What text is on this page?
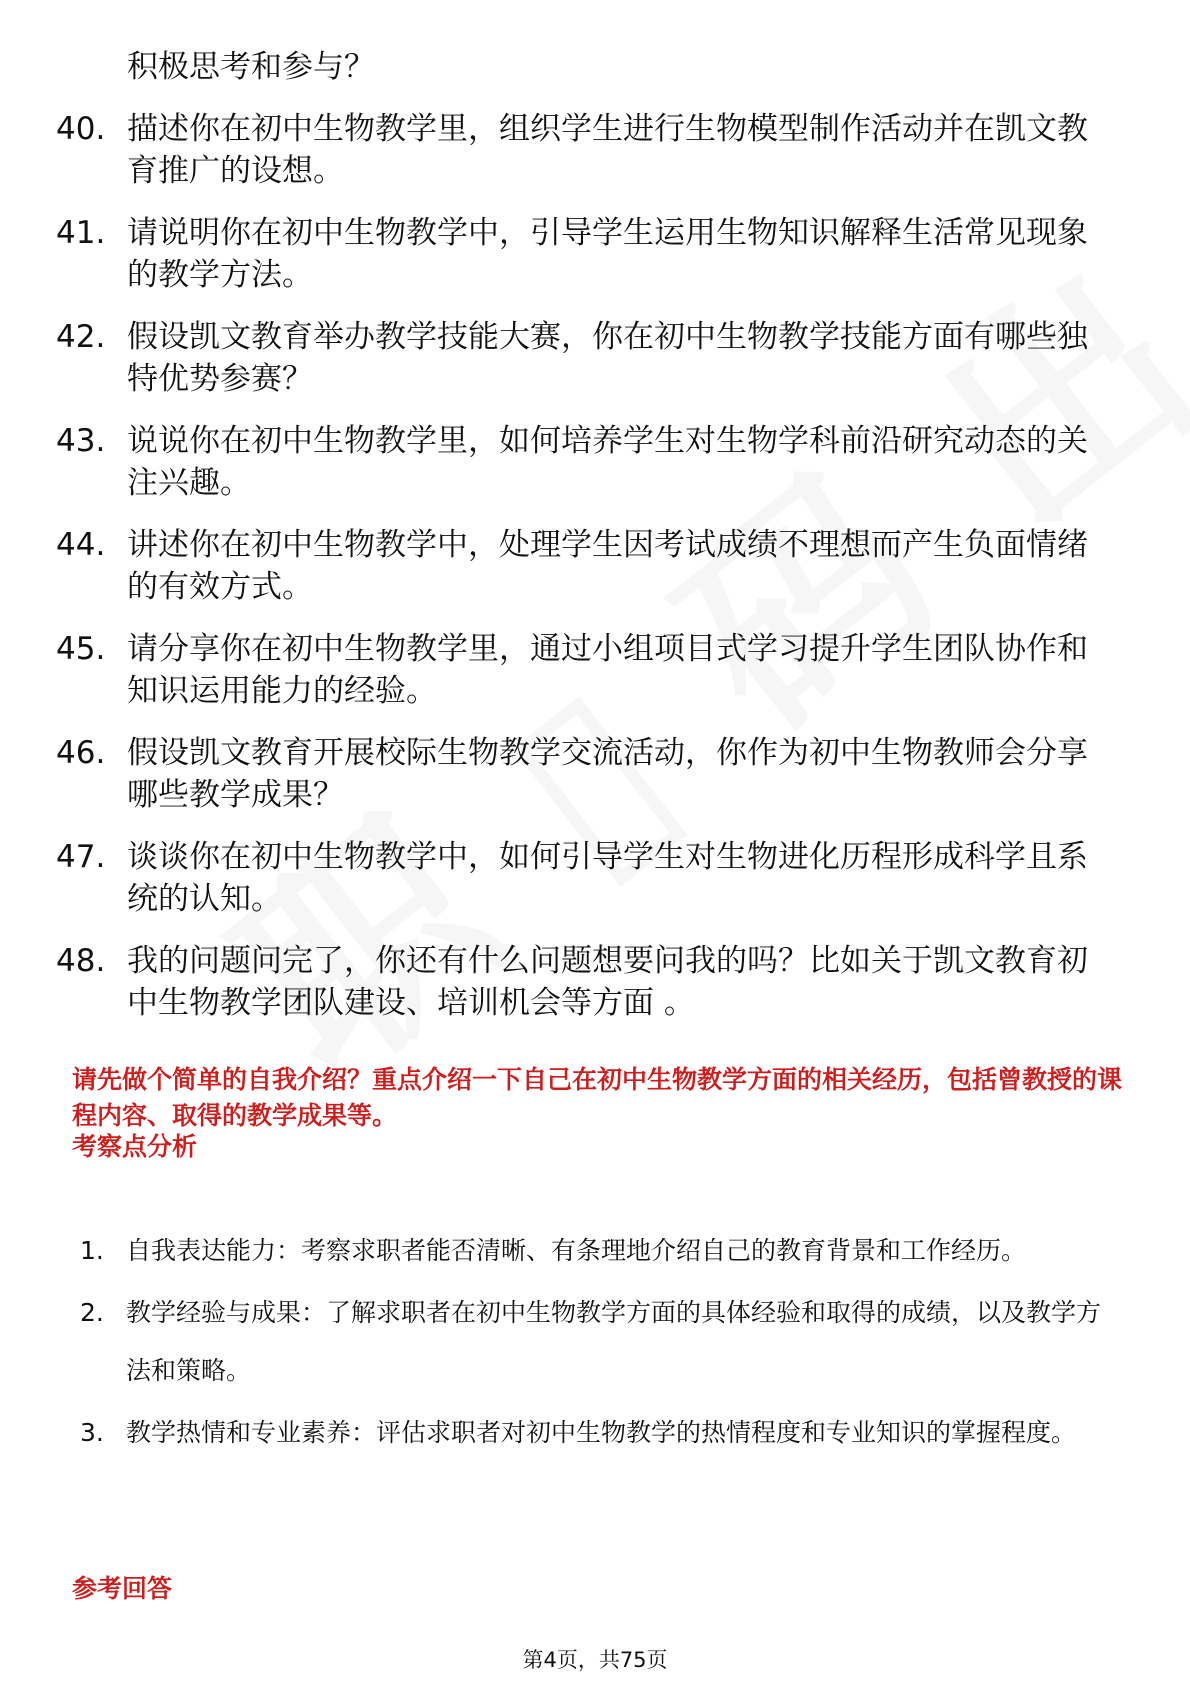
积极思考和参与？
40. 描述你在初中生物教学里，组织学生进行生物模型制作活动并在凯文教育推广的设想。
41. 请说明你在初中生物教学中，引导学生运用生物知识解释生活常见现象的教学方法。
42. 假设凯文教育举办教学技能大赛，你在初中生物教学技能方面有哪些独特优势参赛？
43. 说说你在初中生物教学里，如何培养学生对生物学科前沿研究动态的关注兴趣。
44. 讲述你在初中生物教学中，处理学生因考试成绩不理想而产生负面情绪的有效方式。
45. 请分享你在初中生物教学里，通过小组项目式学习提升学生团队协作和知识运用能力的经验。
46. 假设凯文教育开展校际生物教学交流活动，你作为初中生物教师会分享哪些教学成果？
47. 谈谈你在初中生物教学中，如何引导学生对生物进化历程形成科学且系统的认知。
48. 我的问题问完了，你还有什么问题想要问我的吗？比如关于凯文教育初中生物教学团队建设、培训机会等方面 。
请先做个简单的自我介绍？重点介绍一下自己在初中生物教学方面的相关经历，包括曾教授的课程内容、取得的教学成果等。
考察点分析
1. 自我表达能力：考察求职者能否清晰、有条理地介绍自己的教育背景和工作经历。
2. 教学经验与成果：了解求职者在初中生物教学方面的具体经验和取得的成绩，以及教学方法和策略。
3. 教学热情和专业素养：评估求职者对初中生物教学的热情程度和专业知识的掌握程度。
参考回答
第4页，共75页
